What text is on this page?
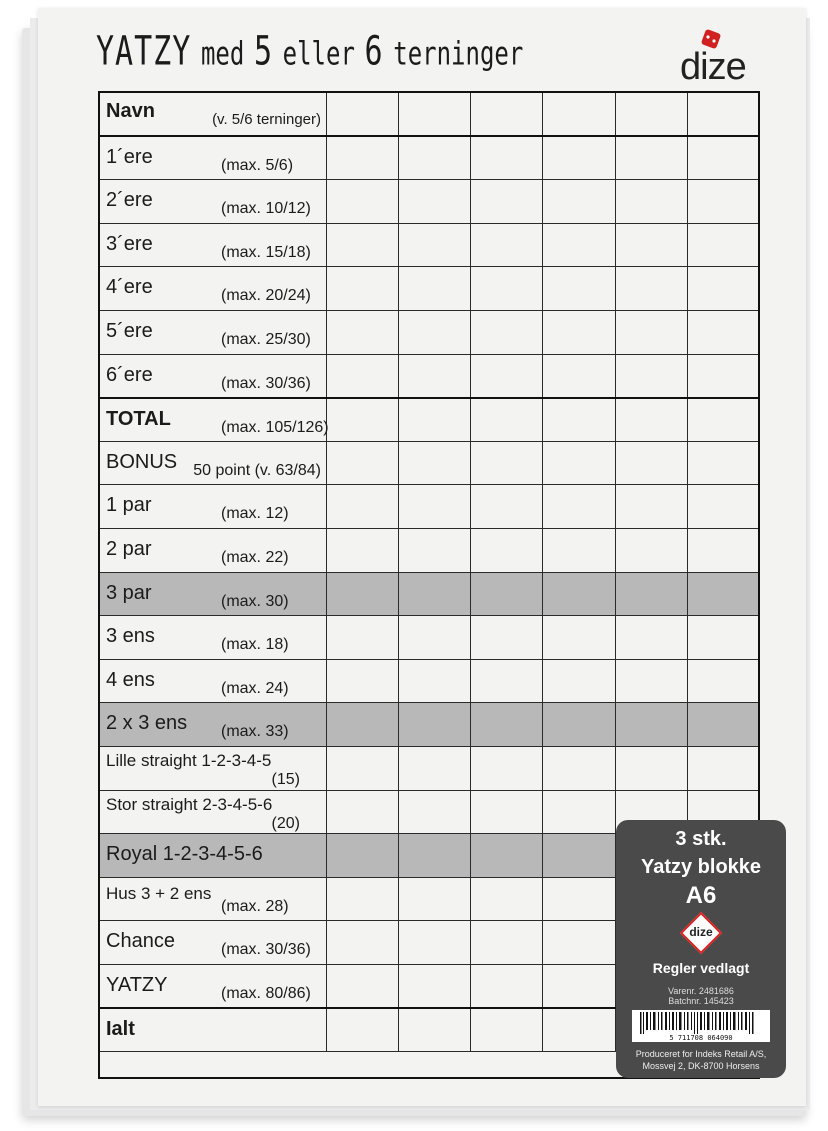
YATZY med 5 eller 6 terninger	dize
Navn (v. 5/6 terninger)						

1´ere (max. 5/6)						

2´ere (max. 10/12)						

3´ere (max. 15/18)						

4´ere (max. 20/24)						

5´ere (max. 25/30)						

6´ere (max. 30/36)						

TOTAL (max. 105/126)						

BONUS 50 point (v. 63/84)						

1 par (max. 12)						

2 par (max. 22)						

3 par (max. 30)						

3 ens (max. 18)						

4 ens (max. 24)						

2 x 3 ens (max. 33)						

Lille straight 1-2-3-4-5
(15)						

Stor straight 2-3-4-5-6
(20)						

Royal 1-2-3-4-5-6						

Hus 3 + 2 ens
(max. 28)						

Chance (max. 30/36)						

YATZY (max. 80/86)						

Ialt						

3 stk.
Yatzy blokke
A6
dize
Regler vedlagt
Varenr. 2481686
Batchnr. 145423
5 711708 064090
Produceret for Indeks Retail A/S,
Mossvej 2, DK-8700 Horsens
